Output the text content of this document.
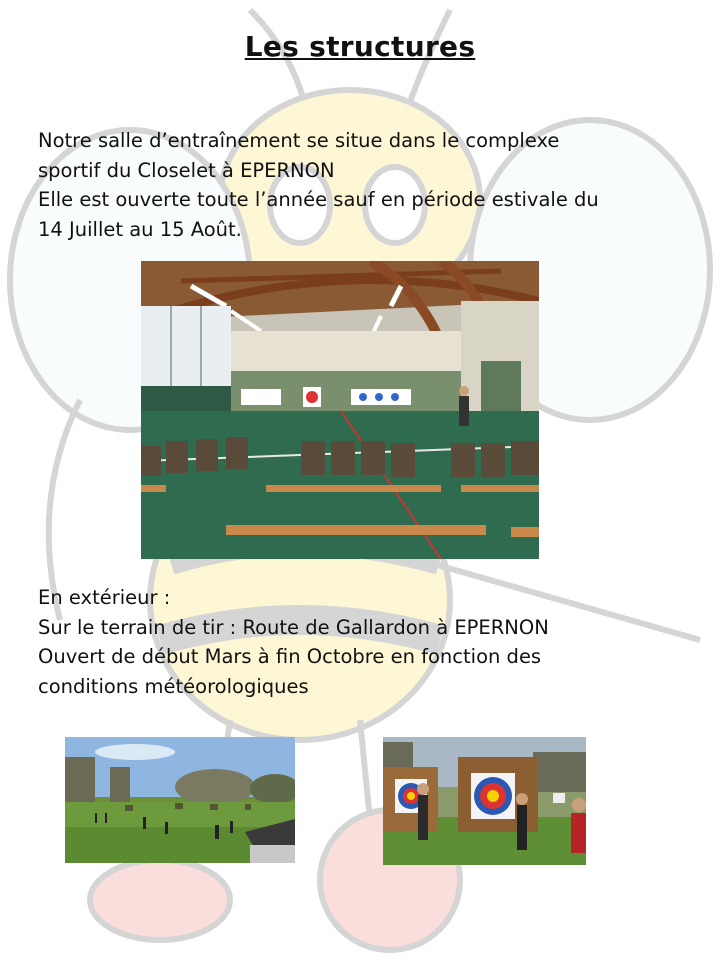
Les structures
Notre salle d’entraînement se situe dans le complexe
sportif du Closelet à EPERNON
Elle est ouverte toute l’année sauf en période estivale du
14 Juillet au 15 Août.
En extérieur :
Sur le terrain de tir : Route de Gallardon à EPERNON
Ouvert de début Mars à fin Octobre en fonction des
conditions météorologiques
